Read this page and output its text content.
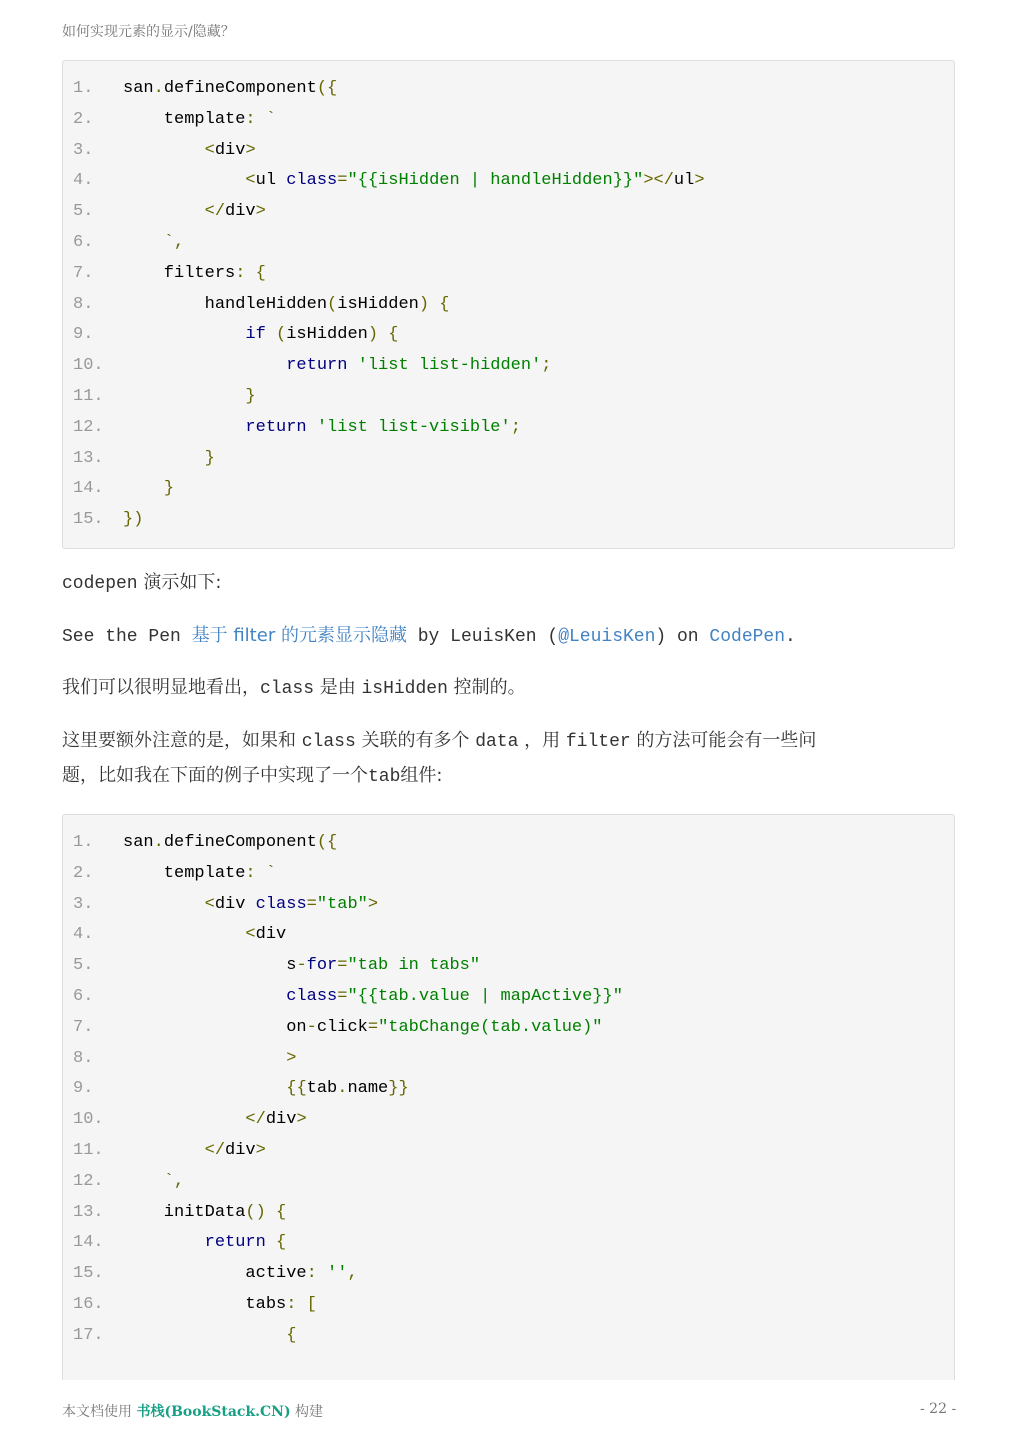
如何实现元素的显示/隐藏？
1. san.defineComponent({
2.    template: `
3.	<div>
4.	<ul class="{{isHidden | handleHidden}}"></ul>
5.	</div>
6.	`,
7.    filters: {
8.        handleHidden(isHidden) {
9.	if (isHidden) {
10.	return 'list list-hidden';
11.	}
12.	return 'list list-visible';
13.	}
14.	}
15. })
codepen 演示如下:
See the Pen 基于 filter 的元素显示隐藏 by LeuisKen (@LeuisKen) on CodePen.
我们可以很明显地看出，class 是由 isHidden 控制的。
这里要额外注意的是，如果和 class 关联的有多个 data ，用 filter 的方法可能会有一些问
题，比如我在下面的例子中实现了一个tab组件:
1. san.defineComponent({
2.    template: `
3.	<div class="tab">
4.	<div
5.                s-for="tab in tabs"
6.	class="{{tab.value | mapActive}}"
7.                on-click="tabChange(tab.value)"
8.	>
9.	{{tab.name}}
10.	</div>
11.	</div>
12.	`,
13.    initData() {
14.	return {
15.            active: '',
16.            tabs: [
17.	{
本文档使用 书栈(BookStack.CN) 构建	- 22 -
